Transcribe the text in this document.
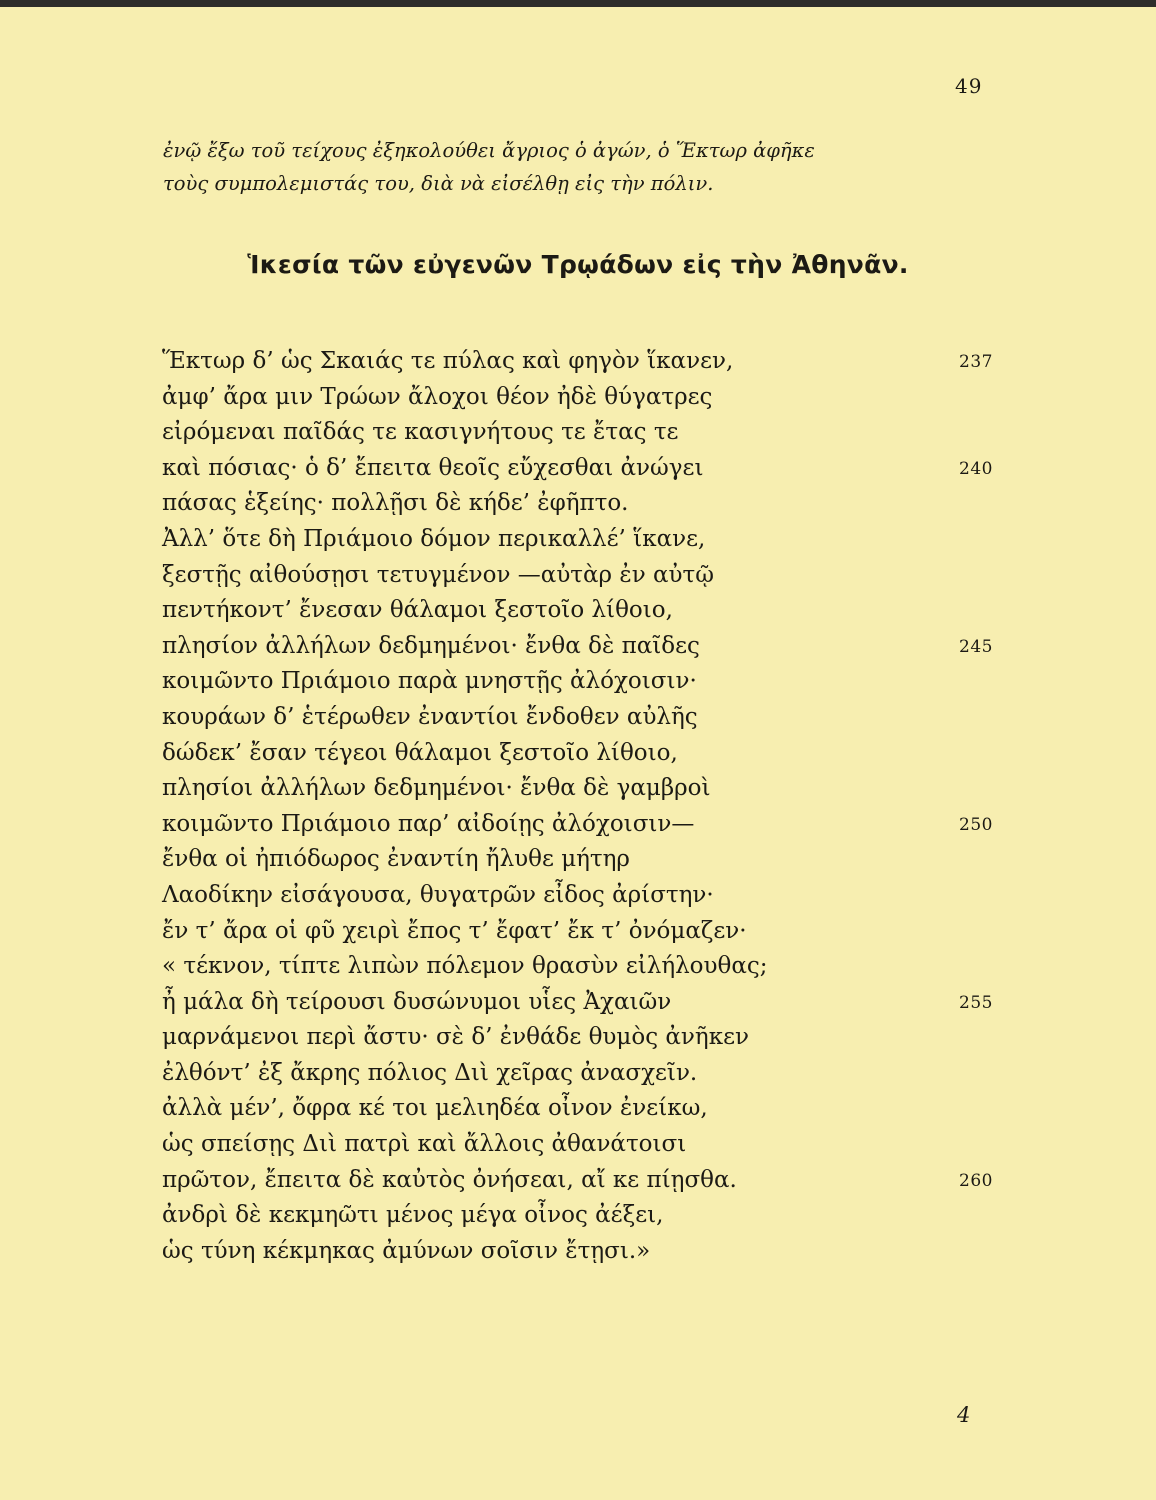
49
ἐνῷ ἔξω τοῦ τείχους ἐξηκολούθει ἄγριος ὁ ἀγών, ὁ Ἕκτωρ ἀφῆκε
τοὺς συμπολεμιστάς του, διὰ νὰ εἰσέλθῃ εἰς τὴν πόλιν.
Ἱκεσία τῶν εὐγενῶν Τρῳάδων εἰς τὴν Ἀθηνᾶν.
Ἕκτωρ δ’ ὡς Σκαιάς τε πύλας καὶ φηγὸν ἵκανεν,	237
ἀμφ’ ἄρα μιν Τρώων ἄλοχοι θέον ἠδὲ θύγατρες
εἰρόμεναι παῖδάς τε κασιγνήτους τε ἔτας τε
καὶ πόσιας· ὁ δ’ ἔπειτα θεοῖς εὔχεσθαι ἀνώγει	240
πάσας ἑξείης· πολλῇσι δὲ κήδε’ ἐφῆπτο.
Ἀλλ’ ὅτε δὴ Πριάμοιο δόμον περικαλλέ’ ἵκανε,
ξεστῇς αἰθούσῃσι τετυγμένον —αὐτὰρ ἐν αὐτῷ
πεντήκοντ’ ἔνεσαν θάλαμοι ξεστοῖο λίθοιο,
πλησίον ἀλλήλων δεδμημένοι· ἔνθα δὲ παῖδες	245
κοιμῶντο Πριάμοιο παρὰ μνηστῇς ἀλόχοισιν·
κουράων δ’ ἑτέρωθεν ἐναντίοι ἔνδοθεν αὐλῆς
δώδεκ’ ἔσαν τέγεοι θάλαμοι ξεστοῖο λίθοιο,
πλησίοι ἀλλήλων δεδμημένοι· ἔνθα δὲ γαμβροὶ
κοιμῶντο Πριάμοιο παρ’ αἰδοίῃς ἀλόχοισιν—	250
ἔνθα οἱ ἠπιόδωρος ἐναντίη ἤλυθε μήτηρ
Λαοδίκην εἰσάγουσα, θυγατρῶν εἶδος ἀρίστην·
ἔν τ’ ἄρα οἱ φῦ χειρὶ ἔπος τ’ ἔφατ’ ἔκ τ’ ὀνόμαζεν·
« τέκνον, τίπτε λιπὼν πόλεμον θρασὺν εἰλήλουθας;
ἦ μάλα δὴ τείρουσι δυσώνυμοι υἷες Ἀχαιῶν	255
μαρνάμενοι περὶ ἄστυ· σὲ δ’ ἐνθάδε θυμὸς ἀνῆκεν
ἐλθόντ’ ἐξ ἄκρης πόλιος Διὶ χεῖρας ἀνασχεῖν.
ἀλλὰ μέν’, ὄφρα κέ τοι μελιηδέα οἶνον ἐνείκω,
ὡς σπείσῃς Διὶ πατρὶ καὶ ἄλλοις ἀθανάτοισι
πρῶτον, ἔπειτα δὲ καὐτὸς ὀνήσεαι, αἴ κε πίῃσθα.	260
ἀνδρὶ δὲ κεκμηῶτι μένος μέγα οἶνος ἀέξει,
ὡς τύνη κέκμηκας ἀμύνων σοῖσιν ἔτῃσι.»
4
